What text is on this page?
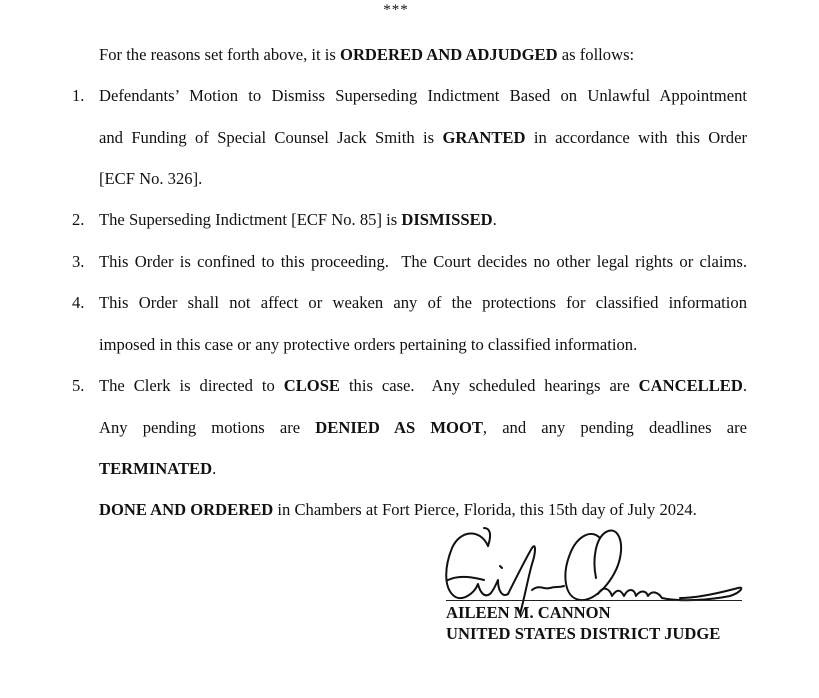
***
For the reasons set forth above, it is ORDERED AND ADJUDGED as follows:
1. Defendants’ Motion to Dismiss Superseding Indictment Based on Unlawful Appointment
and Funding of Special Counsel Jack Smith is GRANTED in accordance with this Order
[ECF No. 326].
2. The Superseding Indictment [ECF No. 85] is DISMISSED.
3. This Order is confined to this proceeding.  The Court decides no other legal rights or claims.
4. This Order shall not affect or weaken any of the protections for classified information
imposed in this case or any protective orders pertaining to classified information.
5. The Clerk is directed to CLOSE this case.  Any scheduled hearings are CANCELLED.
Any pending motions are DENIED AS MOOT, and any pending deadlines are
TERMINATED.
DONE AND ORDERED in Chambers at Fort Pierce, Florida, this 15th day of July 2024.
AILEEN M. CANNON
UNITED STATES DISTRICT JUDGE
